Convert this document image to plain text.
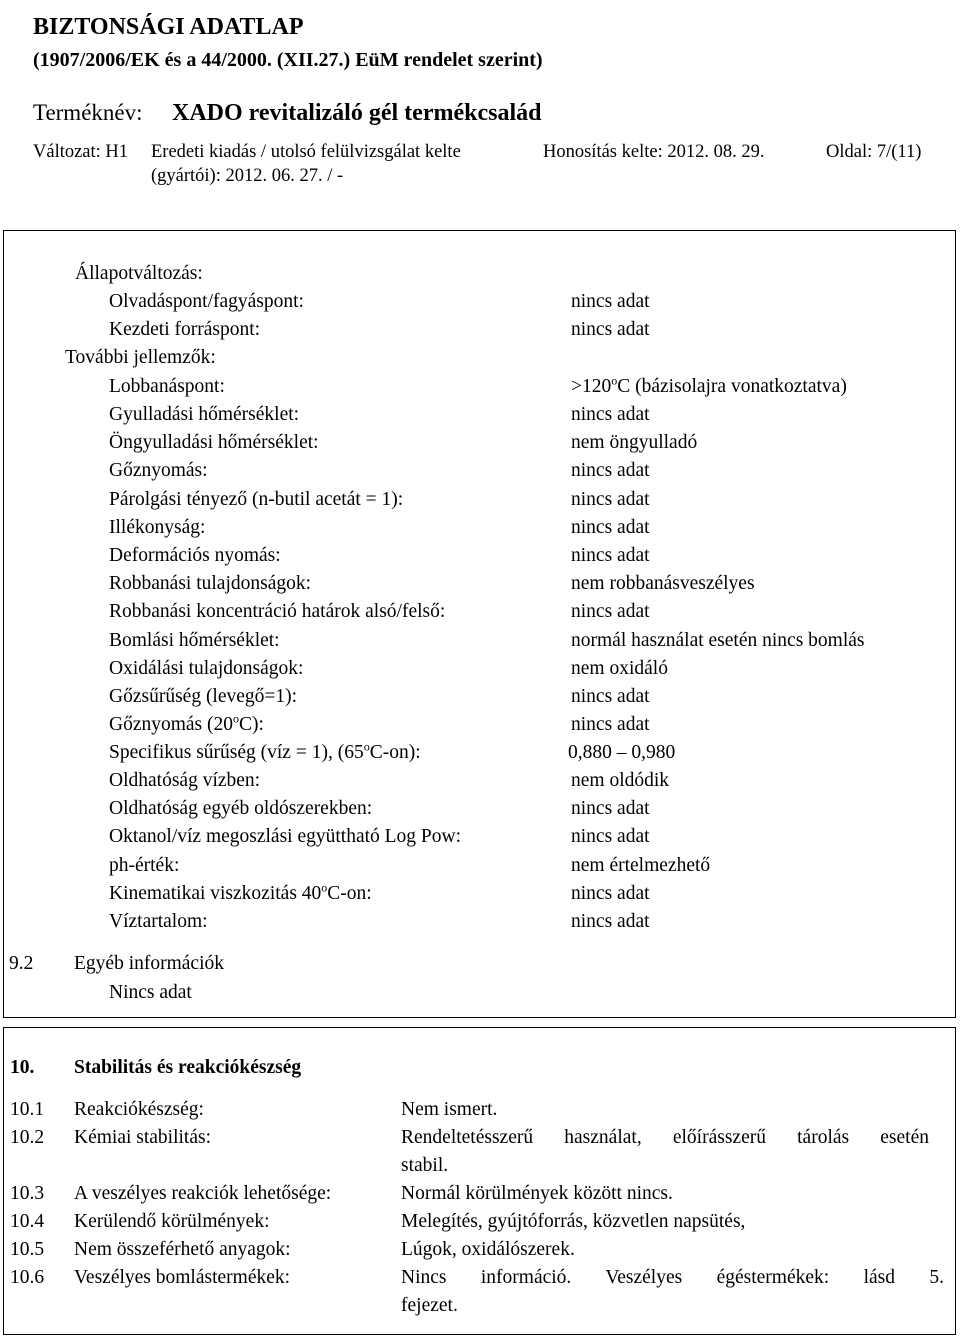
BIZTONSÁGI ADATLAP
(1907/2006/EK és a 44/2000. (XII.27.) EüM rendelet szerint)
Terméknév: XADO revitalizáló gél termékcsalád
Változat: H1 Eredeti kiadás / utolsó felülvizsgálat kelte
(gyártói): 2012. 06. 27. / -
Honosítás kelte: 2012. 08. 29.	Oldal: 7/(11)
Állapotváltozás:
Olvadáspont/fagyáspont:	nincs adat
Kezdeti forráspont:	nincs adat
További jellemzők:
Lobbanáspont:	$>120^oC$ (bázisolajra vonatkoztatva)
Gyulladási hőmérséklet:	nincs adat
Öngyulladási hőmérséklet:	nem öngyulladó
Gőznyomás:	nincs adat
Párolgási tényező (n-butil acetát = 1):	nincs adat
Illékonyság:	nincs adat
Deformációs nyomás:	nincs adat
Robbanási tulajdonságok:	nem robbanásveszélyes
Robbanási koncentráció határok alsó/felső:	nincs adat
Bomlási hőmérséklet:	normál használat esetén nincs bomlás
Oxidálási tulajdonságok:	nem oxidáló
Gőzsűrűség (levegő=1):	nincs adat
Gőznyomás (20$^o$C):	nincs adat
Specifikus sűrűség (víz = 1), (65$^o$C-on):	0,880 – 0,980
Oldhatóság vízben:	nem oldódik
Oldhatóság egyéb oldószerekben:	nincs adat
Oktanol/víz megoszlási együttható Log Pow:	nincs adat
ph-érték:	nem értelmezhető
Kinematikai viszkozitás 40$^o$C-on:	nincs adat
Víztartalom:	nincs adat
9.2 Egyéb információk
Nincs adat
10. Stabilitás és reakciókészség
10.1 Reakciókészség:	Nem ismert.
10.2 Kémiai stabilitás:	Rendeltetésszerű használat, előírásszerű tárolás esetén
stabil.
10.3 A veszélyes reakciók lehetősége:	Normál körülmények között nincs.
10.4 Kerülendő körülmények:	Melegítés, gyújtóforrás, közvetlen napsütés,
10.5 Nem összeférhető anyagok:	Lúgok, oxidálószerek.
10.6 Veszélyes bomlástermékek:	Nincs információ. Veszélyes égéstermékek: lásd 5.
fejezet.
